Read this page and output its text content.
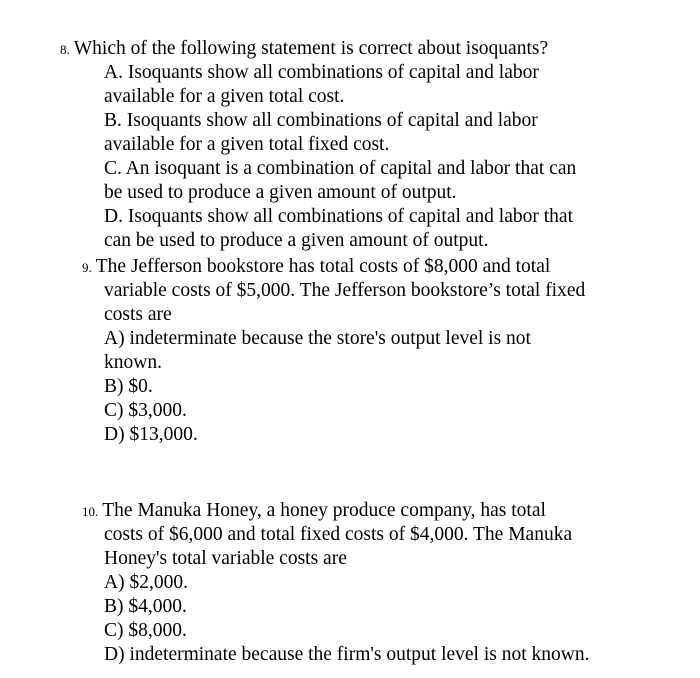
8. Which of the following statement is correct about isoquants?
A. Isoquants show all combinations of capital and labor
available for a given total cost.
B. Isoquants show all combinations of capital and labor
available for a given total fixed cost.
C. An isoquant is a combination of capital and labor that can
be used to produce a given amount of output.
D. Isoquants show all combinations of capital and labor that
can be used to produce a given amount of output.
9. The Jefferson bookstore has total costs of $8,000 and total
variable costs of $5,000. The Jefferson bookstore’s total fixed
costs are
A) indeterminate because the store's output level is not
known.
B) $0.
C) $3,000.
D) $13,000.
10. The Manuka Honey, a honey produce company, has total
costs of $6,000 and total fixed costs of $4,000. The Manuka
Honey's total variable costs are
A) $2,000.
B) $4,000.
C) $8,000.
D) indeterminate because the firm's output level is not known.
